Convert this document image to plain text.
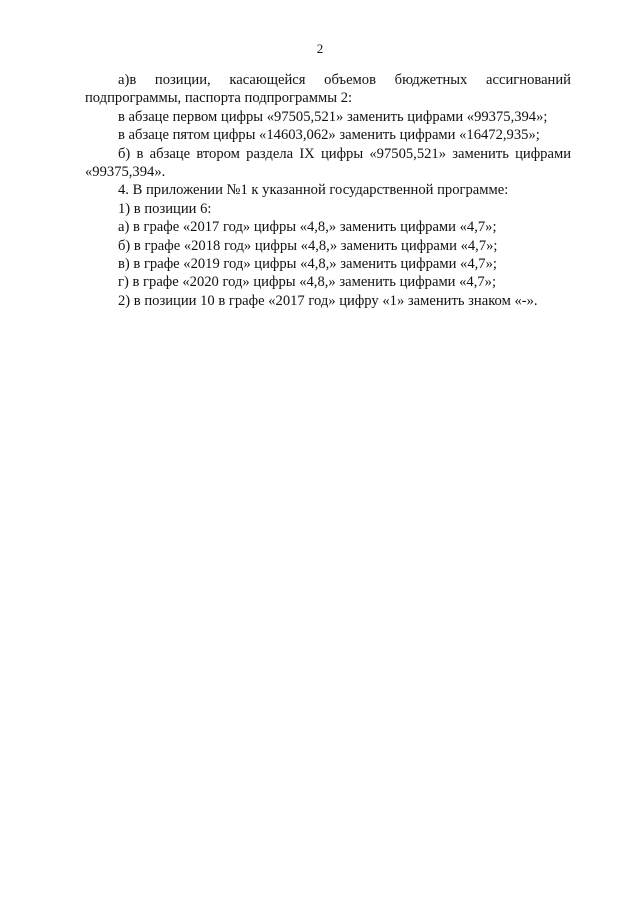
2

а)в позиции, касающейся объемов бюджетных ассигнований подпрограммы, паспорта подпрограммы 2:

в абзаце первом цифры «97505,521» заменить цифрами «99375,394»;

в абзаце пятом цифры «14603,062» заменить цифрами «16472,935»;

б) в абзаце втором раздела IX цифры «97505,521» заменить цифрами «99375,394».

4. В приложении №1 к указанной государственной программе:

1) в позиции 6:

а) в графе «2017 год» цифры «4,8,» заменить цифрами «4,7»;

б) в графе «2018 год» цифры «4,8,» заменить цифрами «4,7»;

в) в графе «2019 год» цифры «4,8,» заменить цифрами «4,7»;

г) в графе «2020 год» цифры «4,8,» заменить цифрами «4,7»;

2) в позиции 10 в графе «2017 год» цифру «1» заменить знаком «-».
